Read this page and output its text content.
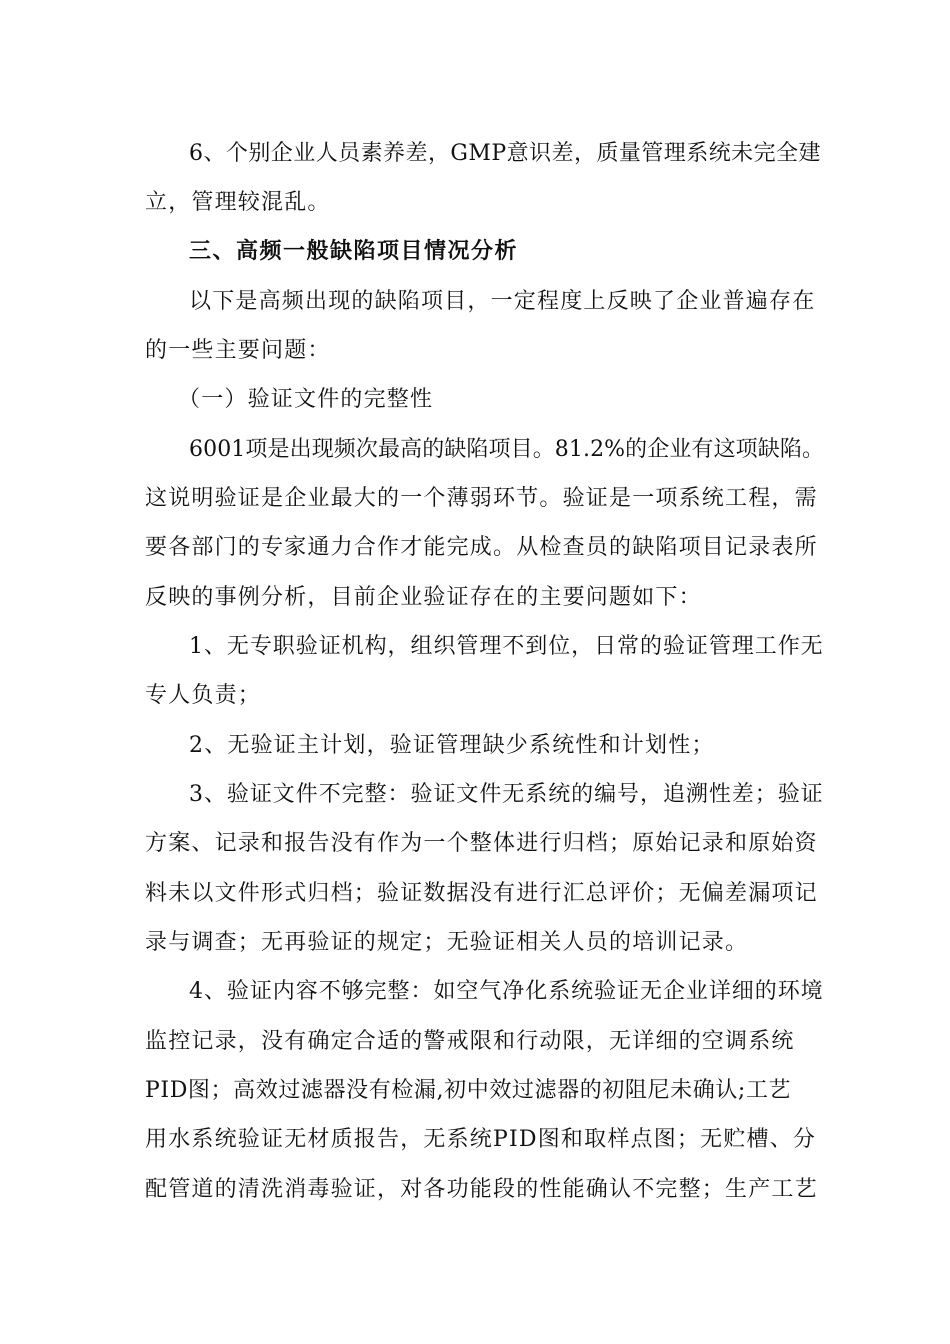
6、个别企业人员素养差，GMP意识差，质量管理系统未完全建
立，管理较混乱。
三、高频一般缺陷项目情况分析
以下是高频出现的缺陷项目，一定程度上反映了企业普遍存在
的一些主要问题：
（一）验证文件的完整性
6001项是出现频次最高的缺陷项目。81.2%的企业有这项缺陷。
这说明验证是企业最大的一个薄弱环节。验证是一项系统工程，需
要各部门的专家通力合作才能完成。从检查员的缺陷项目记录表所
反映的事例分析，目前企业验证存在的主要问题如下：
1、无专职验证机构，组织管理不到位，日常的验证管理工作无
专人负责；
2、无验证主计划，验证管理缺少系统性和计划性；
3、验证文件不完整：验证文件无系统的编号，追溯性差；验证
方案、记录和报告没有作为一个整体进行归档；原始记录和原始资
料未以文件形式归档；验证数据没有进行汇总评价；无偏差漏项记
录与调查；无再验证的规定；无验证相关人员的培训记录。
4、验证内容不够完整：如空气净化系统验证无企业详细的环境
监控记录，没有确定合适的警戒限和行动限，无详细的空调系统
PID图；高效过滤器没有检漏,初中效过滤器的初阻尼未确认;工艺
用水系统验证无材质报告，无系统PID图和取样点图；无贮槽、分
配管道的清洗消毒验证，对各功能段的性能确认不完整；生产工艺
